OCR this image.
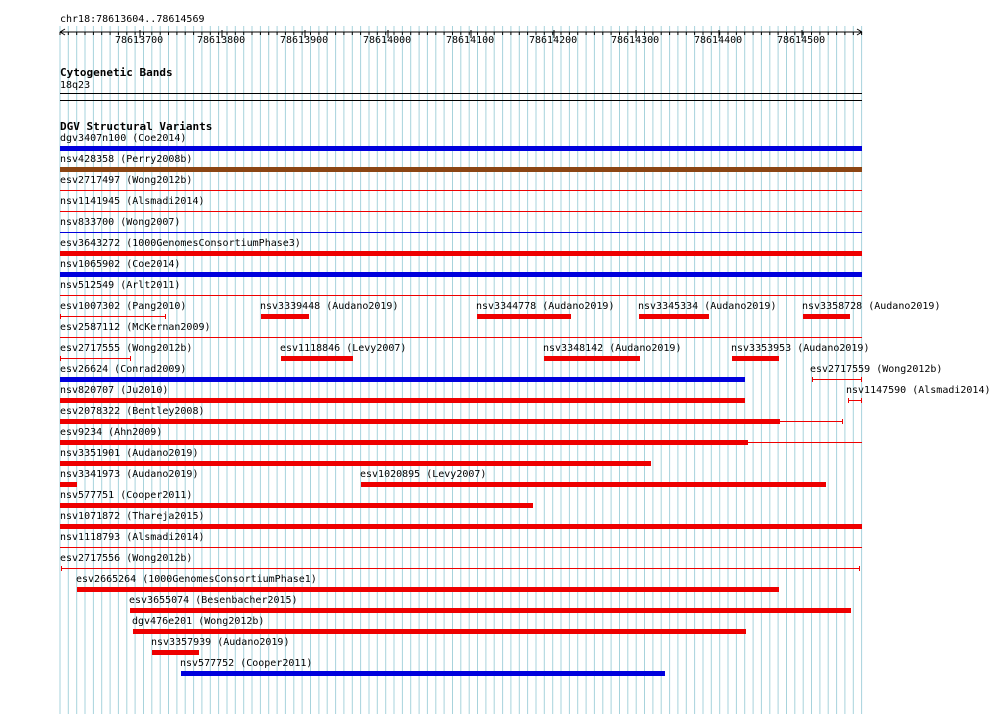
chr18:78613604..78614569
78613700	78613800	78613900	78614000	78614100	78614200	78614300	78614400	78614500
Cytogenetic Bands
18q23
DGV Structural Variants
dgv3407n100 (Coe2014)
nsv428358 (Perry2008b)
esv2717497 (Wong2012b)
nsv1141945 (Alsmadi2014)
nsv833700 (Wong2007)
esv3643272 (1000GenomesConsortiumPhase3)
nsv1065902 (Coe2014)
nsv512549 (Arlt2011)
esv1007302 (Pang2010)	nsv3339448 (Audano2019)	nsv3344778 (Audano2019) nsv3345334 (Audano2019)	nsv3358728 (Audano2019)
esv2587112 (McKernan2009)
esv2717555 (Wong2012b)	esv1118846 (Levy2007)	nsv3348142 (Audano2019)	nsv3353953 (Audano2019)
esv26624 (Conrad2009)	esv2717559 (Wong2012b)
nsv820707 (Ju2010)	nsv1147590 (Alsmadi2014)
esv2078322 (Bentley2008)
esv9234 (Ahn2009)
nsv3351901 (Audano2019)
nsv3341973 (Audano2019)	esv1020895 (Levy2007)
nsv577751 (Cooper2011)
nsv1071872 (Thareja2015)
nsv1118793 (Alsmadi2014)
esv2717556 (Wong2012b)
esv2665264 (1000GenomesConsortiumPhase1)
esv3655074 (Besenbacher2015)
dgv476e201 (Wong2012b)
nsv3357939 (Audano2019)
nsv577752 (Cooper2011)
